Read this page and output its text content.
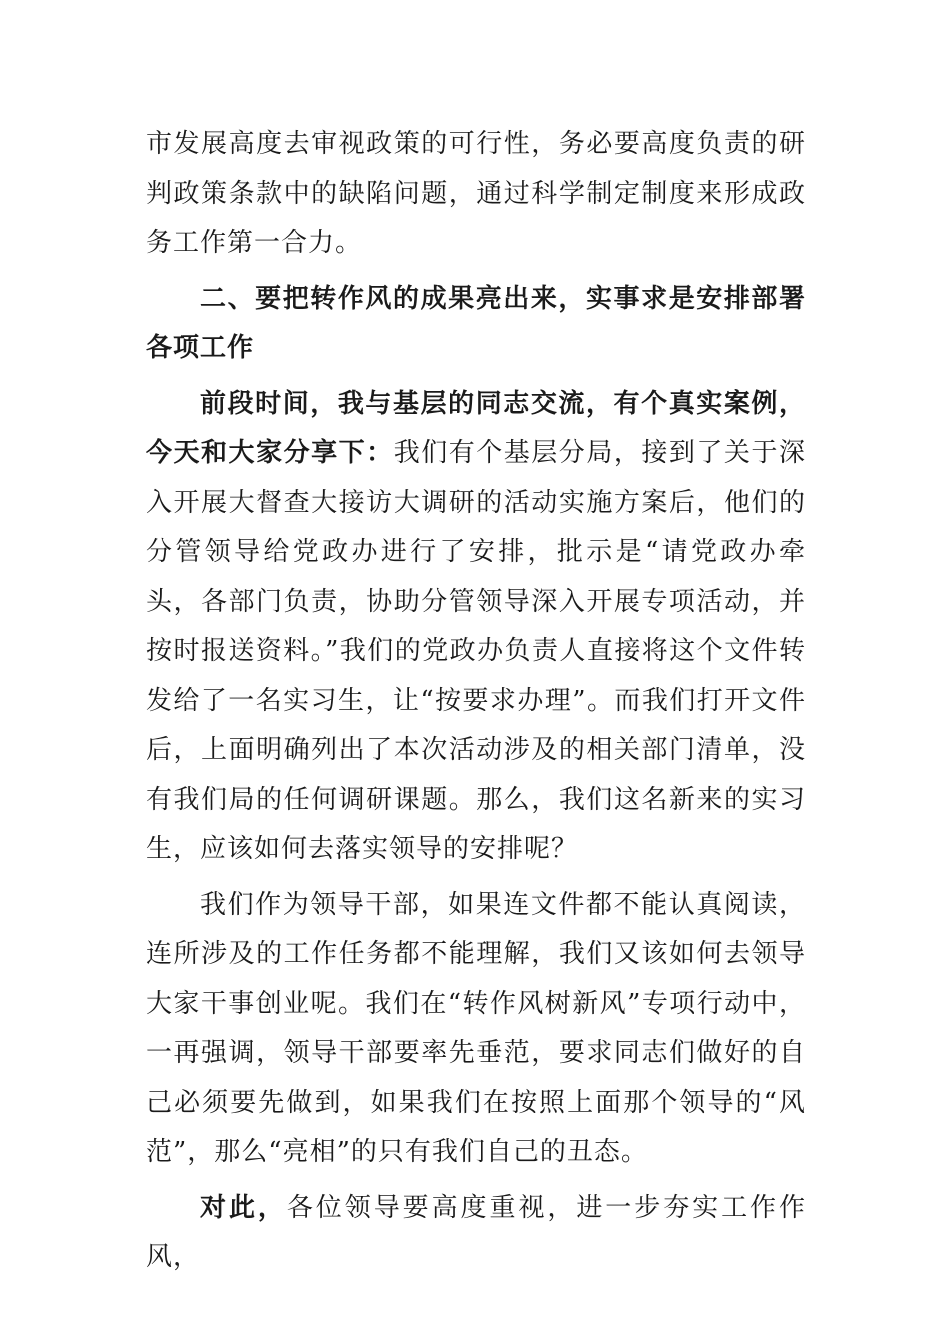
市发展高度去审视政策的可行性，务必要高度负责的研判政策条款中的缺陷问题，通过科学制定制度来形成政务工作第一合力。

二、要把转作风的成果亮出来，实事求是安排部署各项工作

前段时间，我与基层的同志交流，有个真实案例，今天和大家分享下：我们有个基层分局，接到了关于深入开展大督查大接访大调研的活动实施方案后，他们的分管领导给党政办进行了安排，批示是“请党政办牵头，各部门负责，协助分管领导深入开展专项活动，并按时报送资料。”我们的党政办负责人直接将这个文件转发给了一名实习生，让“按要求办理”。而我们打开文件后，上面明确列出了本次活动涉及的相关部门清单，没有我们局的任何调研课题。那么，我们这名新来的实习生，应该如何去落实领导的安排呢？

我们作为领导干部，如果连文件都不能认真阅读，连所涉及的工作任务都不能理解，我们又该如何去领导大家干事创业呢。我们在“转作风树新风”专项行动中，一再强调，领导干部要率先垂范，要求同志们做好的自己必须要先做到，如果我们在按照上面那个领导的“风范”，那么“亮相”的只有我们自己的丑态。

对此，各位领导要高度重视，进一步夯实工作作风，
